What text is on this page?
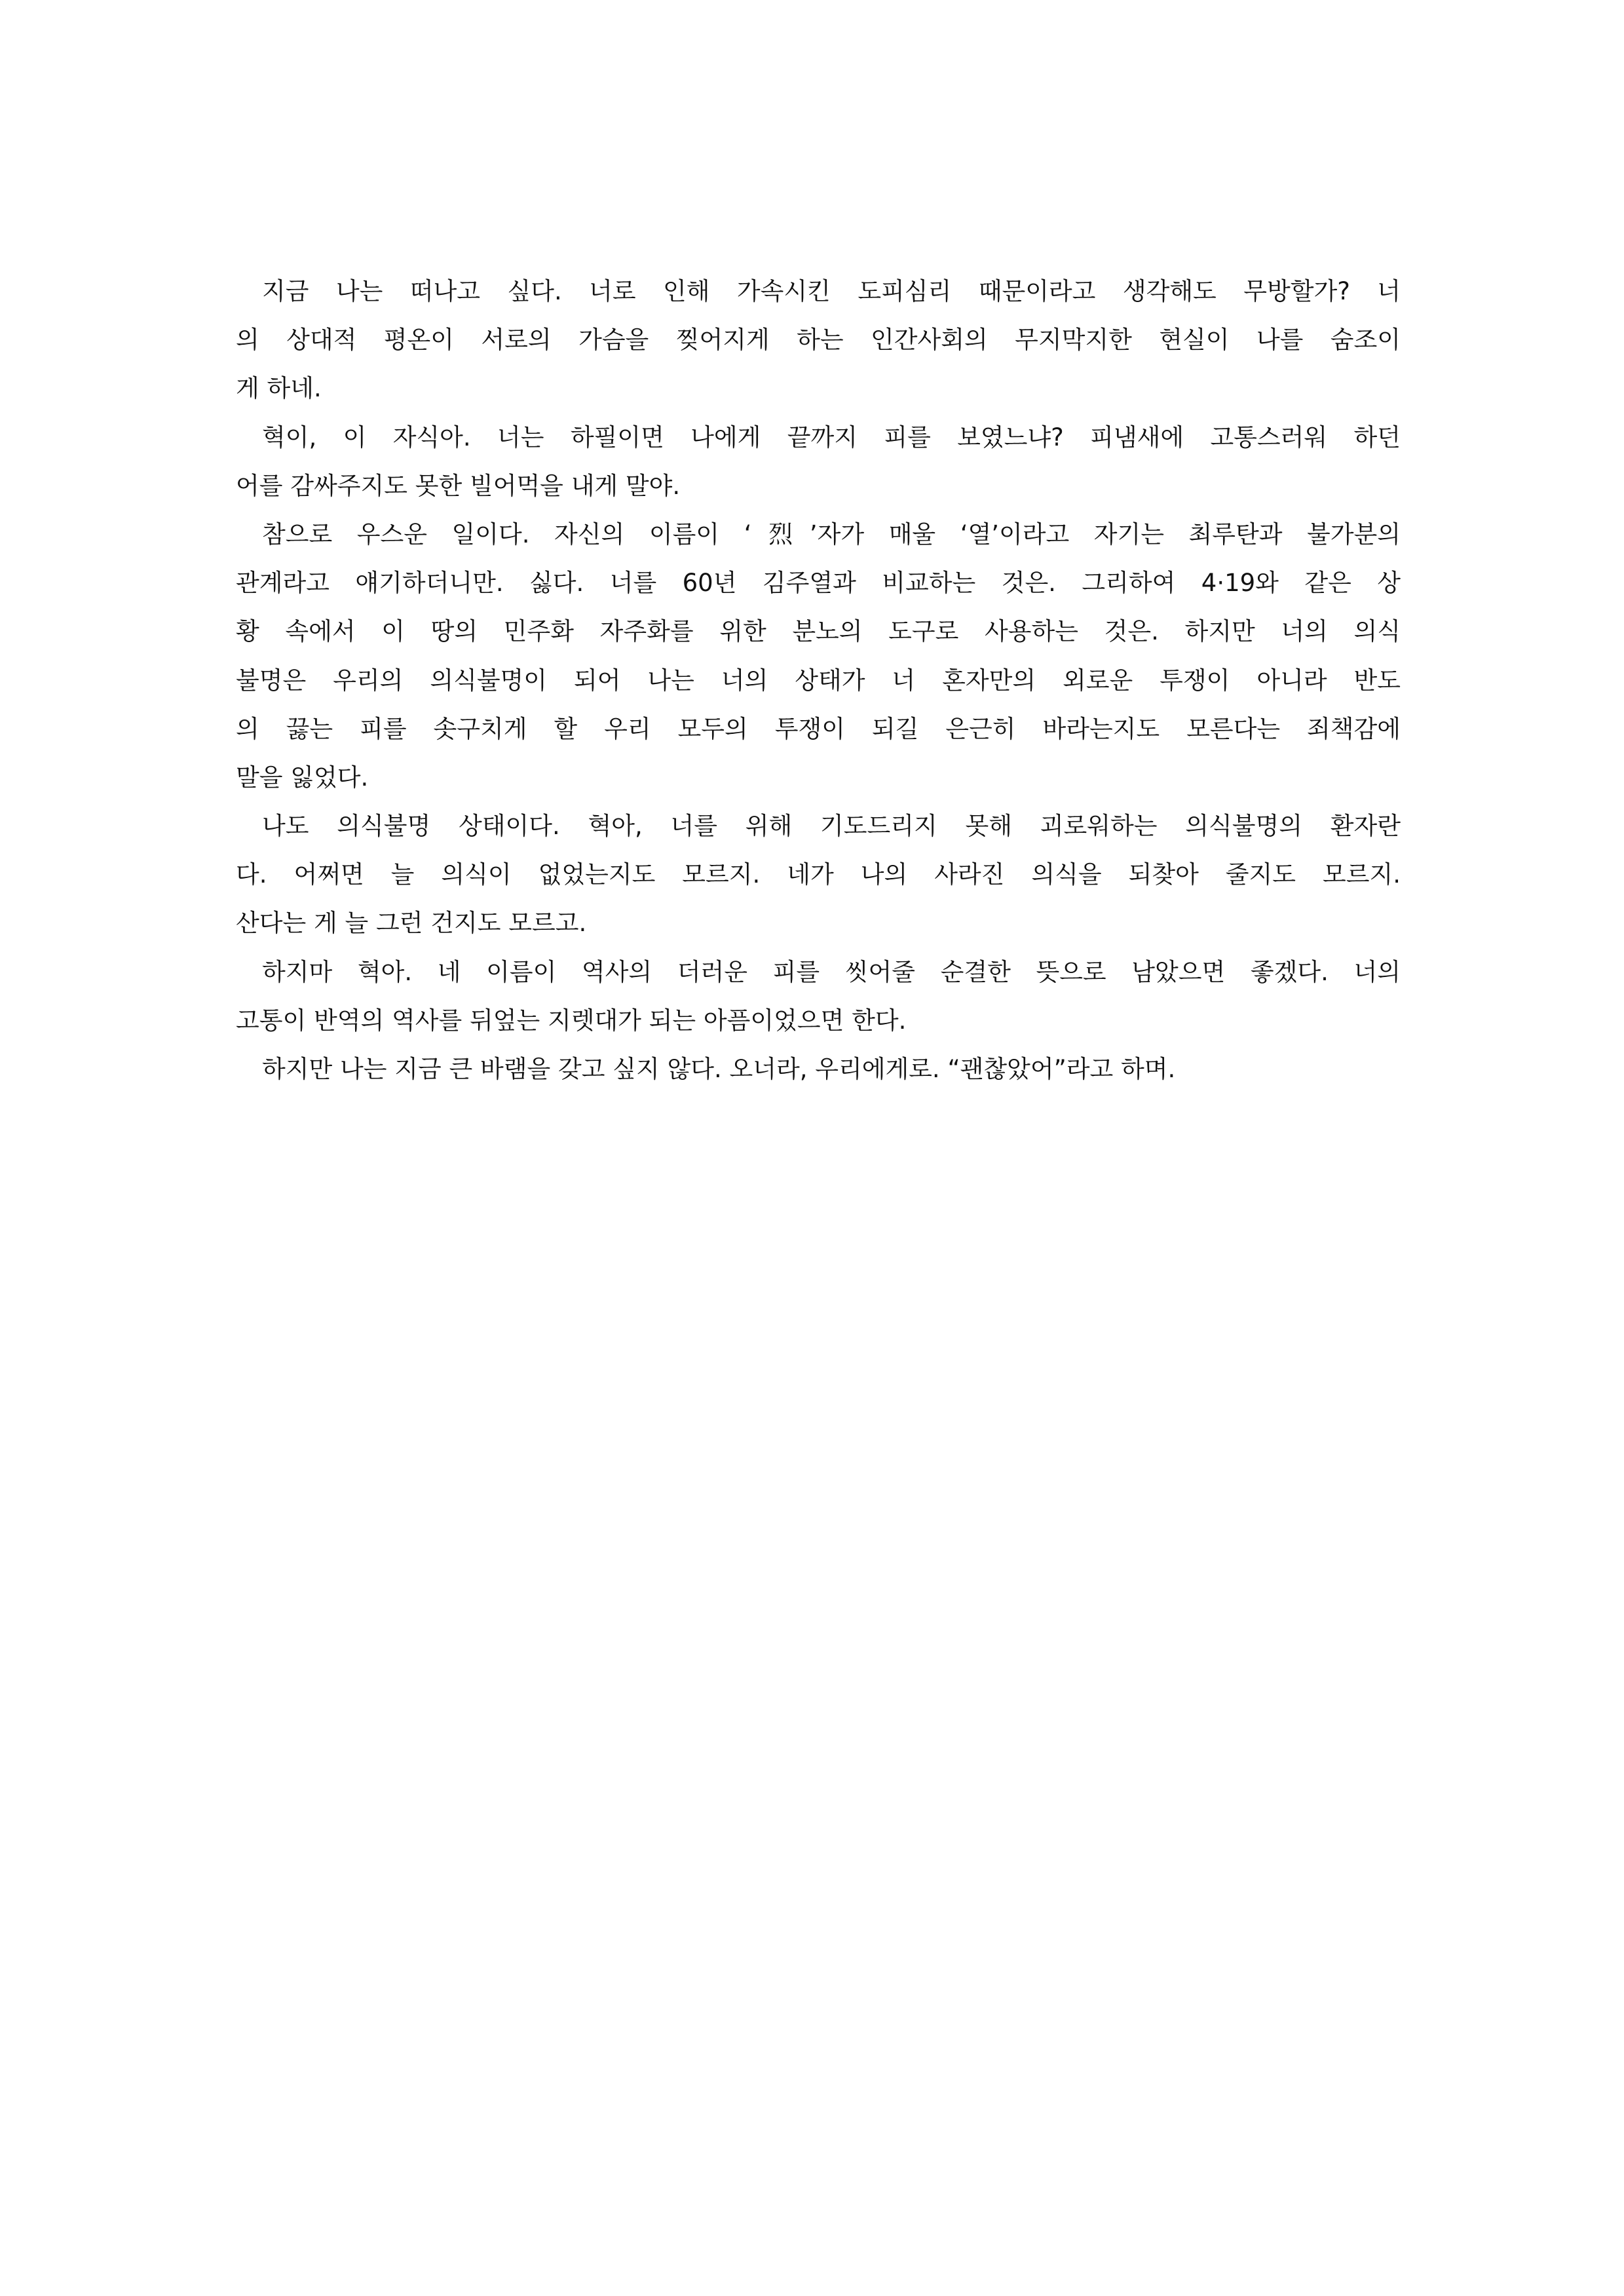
지금 나는 떠나고 싶다. 너로 인해 가속시킨 도피심리 때문이라고 생각해도 무방할가? 너
의 상대적 평온이 서로의 가슴을 찢어지게 하는 인간사회의 무지막지한 현실이 나를 숨조이
게 하네.

혁이, 이 자식아. 너는 하필이면 나에게 끝까지 피를 보였느냐? 피냄새에 고통스러워 하던
어를 감싸주지도 못한 빌어먹을 내게 말야.

참으로 우스운 일이다. 자신의 이름이 ‘烈’자가 매울 ‘열’이라고 자기는 최루탄과 불가분의
관계라고 얘기하더니만. 싫다. 너를 60년 김주열과 비교하는 것은. 그리하여 4·19와 같은 상
황 속에서 이 땅의 민주화 자주화를 위한 분노의 도구로 사용하는 것은. 하지만 너의 의식
불명은 우리의 의식불명이 되어 나는 너의 상태가 너 혼자만의 외로운 투쟁이 아니라 반도
의 끓는 피를 솟구치게 할 우리 모두의 투쟁이 되길 은근히 바라는지도 모른다는 죄책감에
말을 잃었다.

나도 의식불명 상태이다. 혁아, 너를 위해 기도드리지 못해 괴로워하는 의식불명의 환자란
다. 어쩌면 늘 의식이 없었는지도 모르지. 네가 나의 사라진 의식을 되찾아 줄지도 모르지.
산다는 게 늘 그런 건지도 모르고.

하지마 혁아. 네 이름이 역사의 더러운 피를 씻어줄 순결한 뜻으로 남았으면 좋겠다. 너의
고통이 반역의 역사를 뒤엎는 지렛대가 되는 아픔이었으면 한다.

하지만 나는 지금 큰 바램을 갖고 싶지 않다. 오너라, 우리에게로. “괜찮았어”라고 하며.
